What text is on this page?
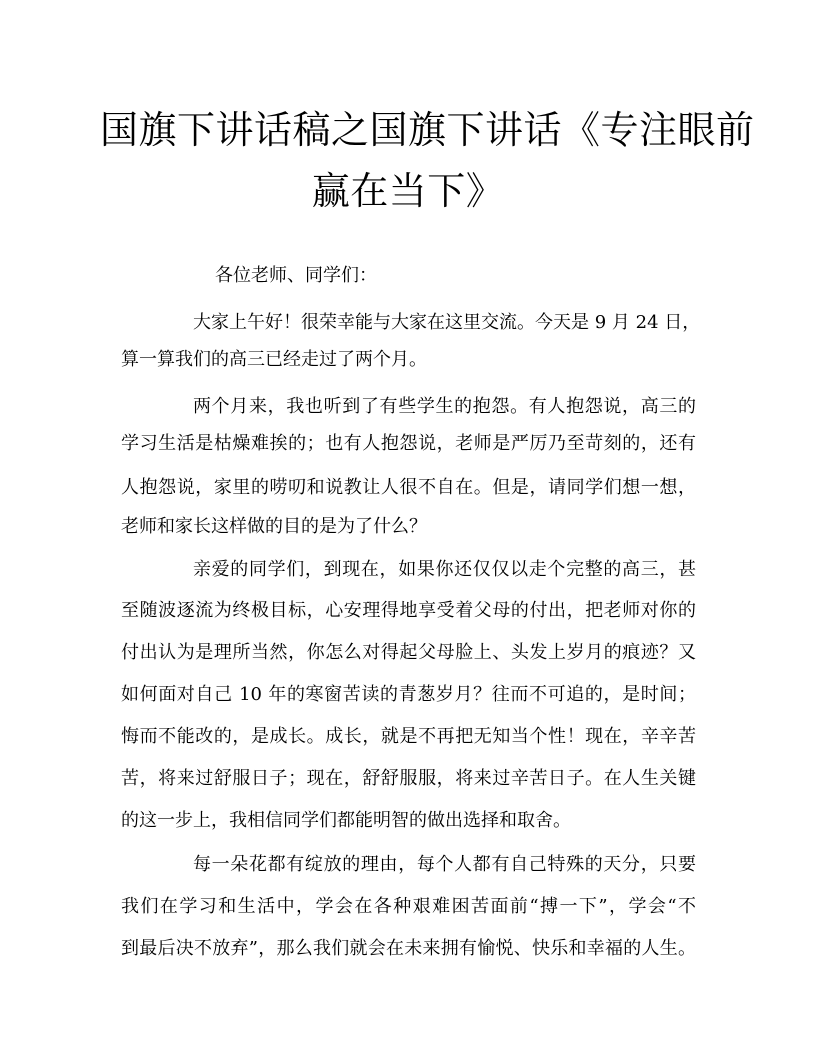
国旗下讲话稿之国旗下讲话《专注眼前
赢在当下》
各位老师、同学们：
大家上午好！很荣幸能与大家在这里交流。今天是 9 月 24 日，
算一算我们的高三已经走过了两个月。
两个月来，我也听到了有些学生的抱怨。有人抱怨说，高三的
学习生活是枯燥难挨的；也有人抱怨说，老师是严厉乃至苛刻的，还有
人抱怨说，家里的唠叨和说教让人很不自在。但是，请同学们想一想，
老师和家长这样做的目的是为了什么？
亲爱的同学们，到现在，如果你还仅仅以走个完整的高三，甚
至随波逐流为终极目标，心安理得地享受着父母的付出，把老师对你的
付出认为是理所当然，你怎么对得起父母脸上、头发上岁月的痕迹？又
如何面对自己 10 年的寒窗苦读的青葱岁月？往而不可追的，是时间；
悔而不能改的，是成长。成长，就是不再把无知当个性！现在，辛辛苦
苦，将来过舒服日子；现在，舒舒服服，将来过辛苦日子。在人生关键
的这一步上，我相信同学们都能明智的做出选择和取舍。
每一朵花都有绽放的理由，每个人都有自己特殊的天分，只要
我们在学习和生活中，学会在各种艰难困苦面前“搏一下”，学会“不
到最后决不放弃”，那么我们就会在未来拥有愉悦、快乐和幸福的人生。
